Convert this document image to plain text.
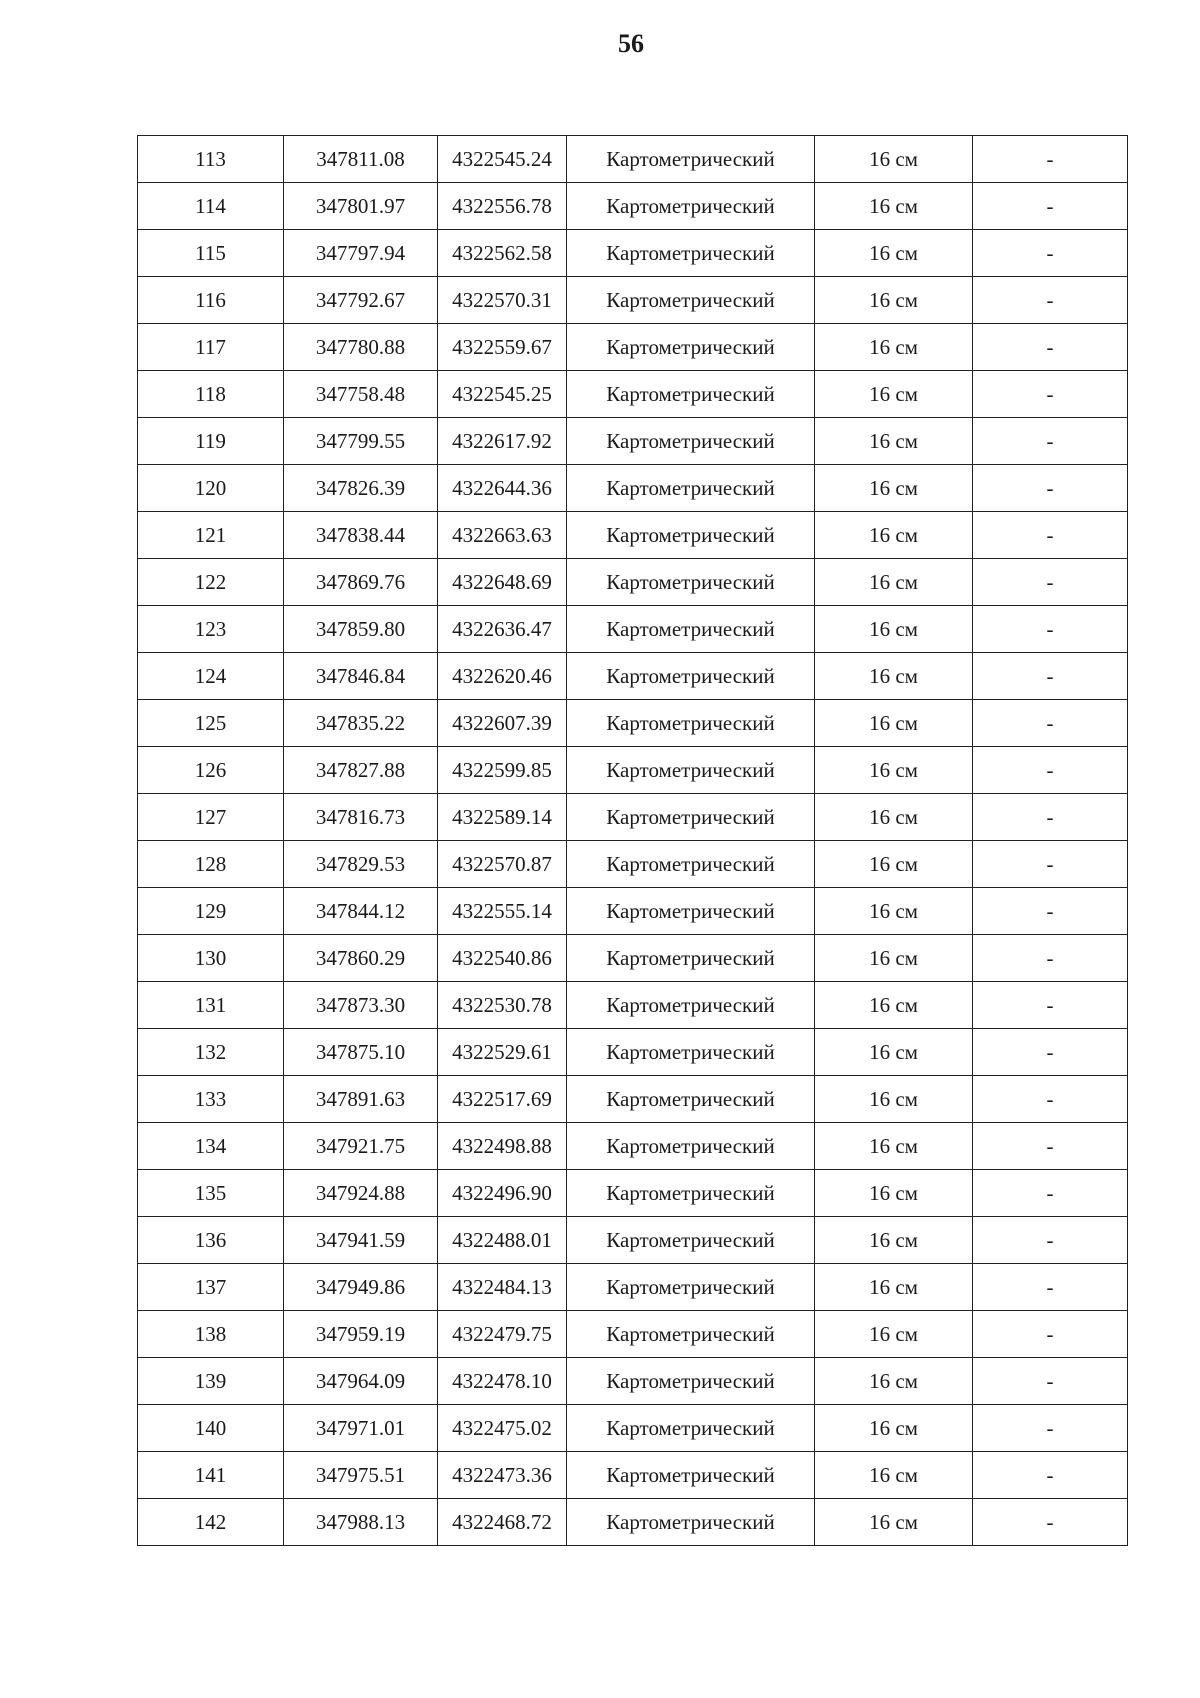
56
113	347811.08	4322545.24	Картометрический	16 см	-
114	347801.97	4322556.78	Картометрический	16 см	-
115	347797.94	4322562.58	Картометрический	16 см	-
116	347792.67	4322570.31	Картометрический	16 см	-
117	347780.88	4322559.67	Картометрический	16 см	-
118	347758.48	4322545.25	Картометрический	16 см	-
119	347799.55	4322617.92	Картометрический	16 см	-
120	347826.39	4322644.36	Картометрический	16 см	-
121	347838.44	4322663.63	Картометрический	16 см	-
122	347869.76	4322648.69	Картометрический	16 см	-
123	347859.80	4322636.47	Картометрический	16 см	-
124	347846.84	4322620.46	Картометрический	16 см	-
125	347835.22	4322607.39	Картометрический	16 см	-
126	347827.88	4322599.85	Картометрический	16 см	-
127	347816.73	4322589.14	Картометрический	16 см	-
128	347829.53	4322570.87	Картометрический	16 см	-
129	347844.12	4322555.14	Картометрический	16 см	-
130	347860.29	4322540.86	Картометрический	16 см	-
131	347873.30	4322530.78	Картометрический	16 см	-
132	347875.10	4322529.61	Картометрический	16 см	-
133	347891.63	4322517.69	Картометрический	16 см	-
134	347921.75	4322498.88	Картометрический	16 см	-
135	347924.88	4322496.90	Картометрический	16 см	-
136	347941.59	4322488.01	Картометрический	16 см	-
137	347949.86	4322484.13	Картометрический	16 см	-
138	347959.19	4322479.75	Картометрический	16 см	-
139	347964.09	4322478.10	Картометрический	16 см	-
140	347971.01	4322475.02	Картометрический	16 см	-
141	347975.51	4322473.36	Картометрический	16 см	-
142	347988.13	4322468.72	Картометрический	16 см	-
